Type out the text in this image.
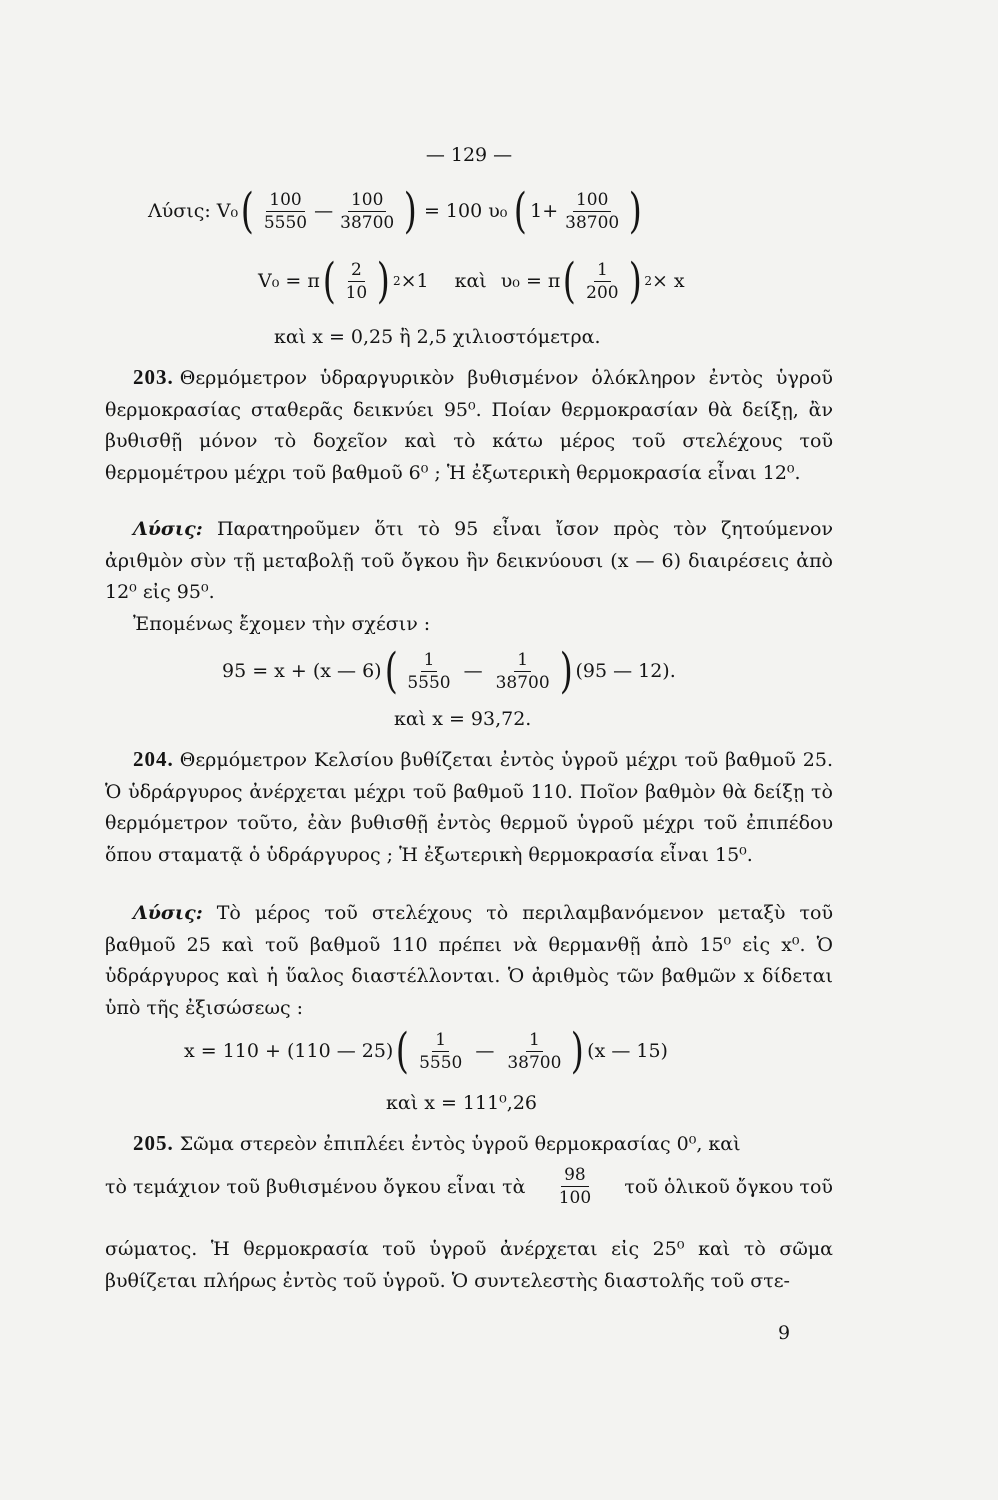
— 129 —
Λύσις: V₀ ( $\frac{100}{5550}$ — $\frac{100}{38700}$ ) = 100 υ₀ ( $1+ \frac{100}{38700}$ )
V₀ = π ( $\frac{2}{10}$ ) 2 ×1 καὶ υ₀ = π ( $\frac{1}{200}$ ) 2 × x
καὶ x = 0,25 ἢ 2,5 χιλιοστόμετρα.

203. Θερμόμετρον ὑδραργυρικὸν βυθισμένον ὁλόκληρον ἐντὸς ὑγροῦ θερμοκρασίας σταθερᾶς δεικνύει 95⁰. Ποίαν θερμοκρασίαν θὰ δείξῃ, ἂν βυθισθῇ μόνον τὸ δοχεῖον καὶ τὸ κάτω μέρος τοῦ στελέχους τοῦ θερμομέτρου μέχρι τοῦ βαθμοῦ 6⁰ ; Ἡ ἐξωτερικὴ θερμοκρασία εἶναι 12⁰.

Λύσις: Παρατηροῦμεν ὅτι τὸ 95 εἶναι ἴσον πρὸς τὸν ζητούμενον ἀριθμὸν σὺν τῇ μεταβολῇ τοῦ ὄγκου ἣν δεικνύουσι (x — 6) διαιρέσεις ἀπὸ 12⁰ εἰς 95⁰.

Ἐπομένως ἔχομεν τὴν σχέσιν :

95 = x + (x — 6) ( $\frac{1}{5550}$ — $\frac{1}{38700}$ ) (95 — 12).
καὶ x = 93,72.

204. Θερμόμετρον Κελσίου βυθίζεται ἐντὸς ὑγροῦ μέχρι τοῦ βαθμοῦ 25. Ὁ ὑδράργυρος ἀνέρχεται μέχρι τοῦ βαθμοῦ 110. Ποῖον βαθμὸν θὰ δείξῃ τὸ θερμόμετρον τοῦτο, ἐὰν βυθισθῇ ἐντὸς θερμοῦ ὑγροῦ μέχρι τοῦ ἐπιπέδου ὅπου σταματᾷ ὁ ὑδράργυρος ; Ἡ ἐξωτερικὴ θερμοκρασία εἶναι 15⁰.

Λύσις: Τὸ μέρος τοῦ στελέχους τὸ περιλαμβανόμενον μεταξὺ τοῦ βαθμοῦ 25 καὶ τοῦ βαθμοῦ 110 πρέπει νὰ θερμανθῇ ἀπὸ 15⁰ εἰς x⁰. Ὁ ὑδράργυρος καὶ ἡ ὕαλος διαστέλλονται. Ὁ ἀριθμὸς τῶν βαθμῶν x δίδεται ὑπὸ τῆς ἐξισώσεως :

x = 110 + (110 — 25) ( $\frac{1}{5550}$ — $\frac{1}{38700}$ ) (x — 15)
καὶ x = 111⁰,26

205. Σῶμα στερεὸν ἐπιπλέει ἐντὸς ὑγροῦ θερμοκρασίας 0⁰, καὶ

τὸ τεμάχιον τοῦ βυθισμένου ὄγκου εἶναι τὰ $\frac{98}{100}$ τοῦ ὁλικοῦ ὄγκου τοῦ

σώματος. Ἡ θερμοκρασία τοῦ ὑγροῦ ἀνέρχεται εἰς 25⁰ καὶ τὸ σῶμα βυθίζεται πλήρως ἐντὸς τοῦ ὑγροῦ. Ὁ συντελεστὴς διαστολῆς τοῦ στε-

9
